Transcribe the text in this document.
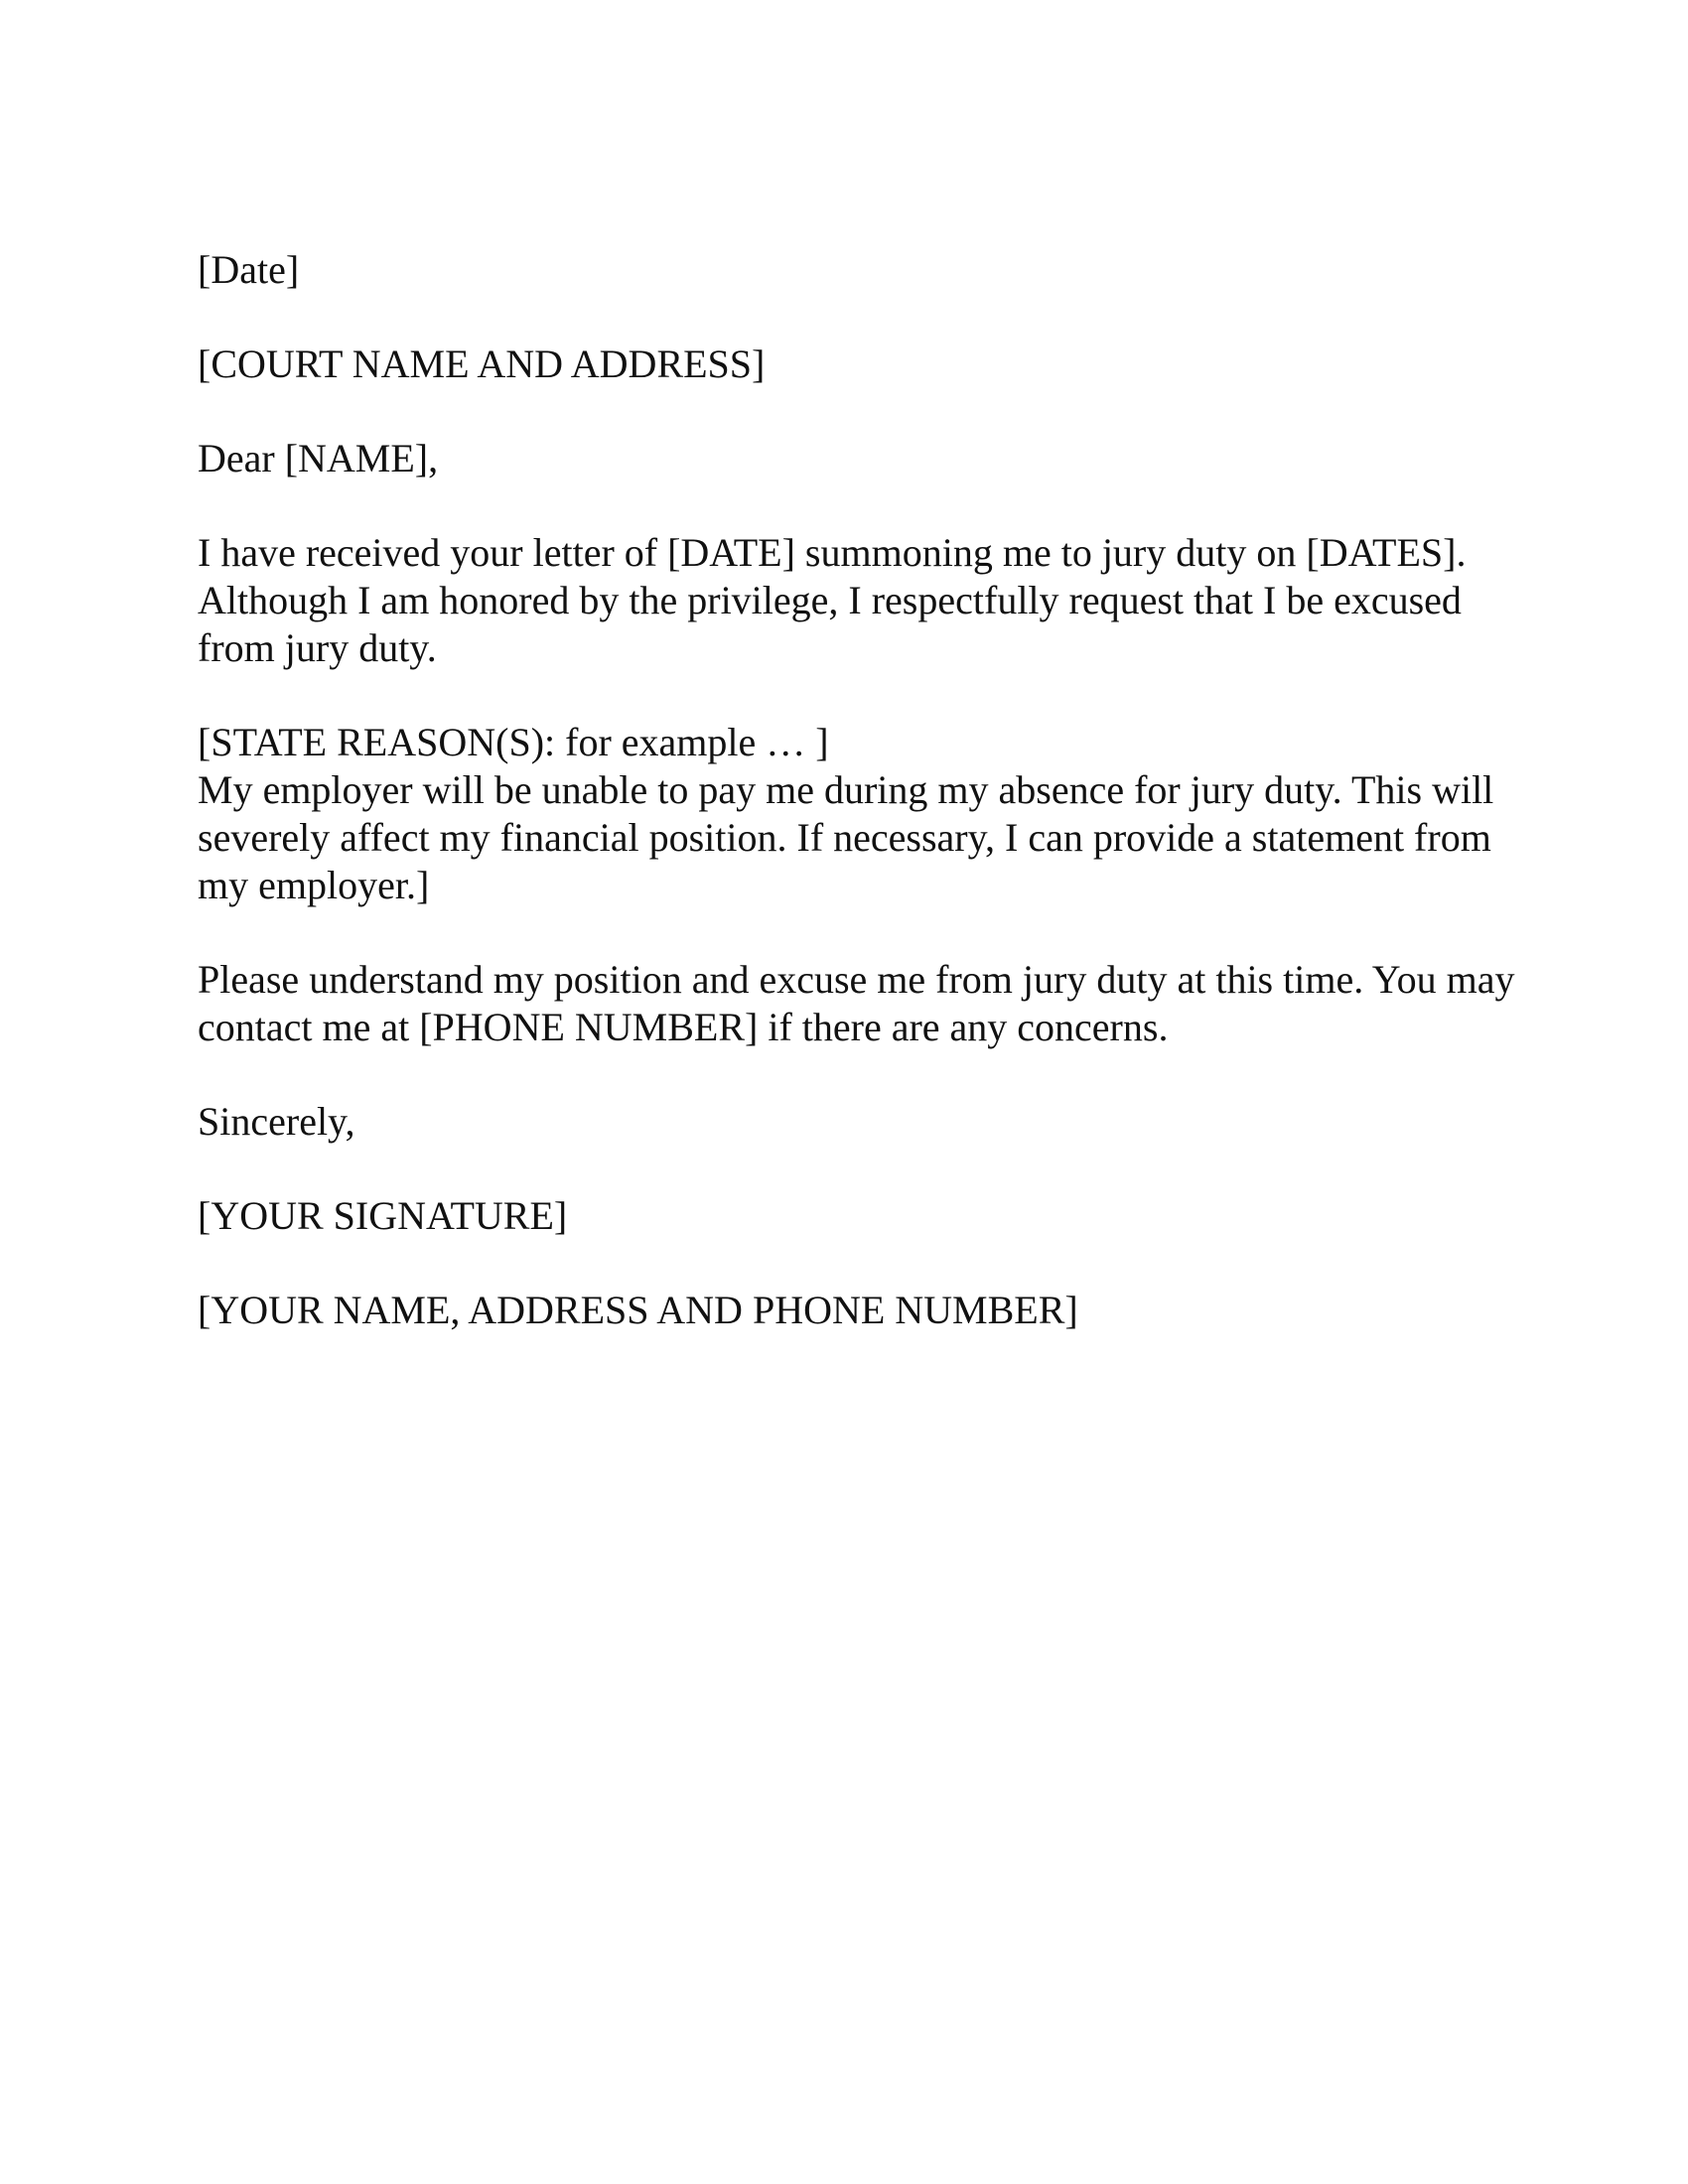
[Date]
[COURT NAME AND ADDRESS]
Dear [NAME],
I have received your letter of [DATE] summoning me to jury duty on [DATES].
Although I am honored by the privilege, I respectfully request that I be excused
from jury duty.
[STATE REASON(S): for example … ]
My employer will be unable to pay me during my absence for jury duty. This will
severely affect my financial position. If necessary, I can provide a statement from
my employer.]
Please understand my position and excuse me from jury duty at this time. You may
contact me at [PHONE NUMBER] if there are any concerns.
Sincerely,
[YOUR SIGNATURE]
[YOUR NAME, ADDRESS AND PHONE NUMBER]
